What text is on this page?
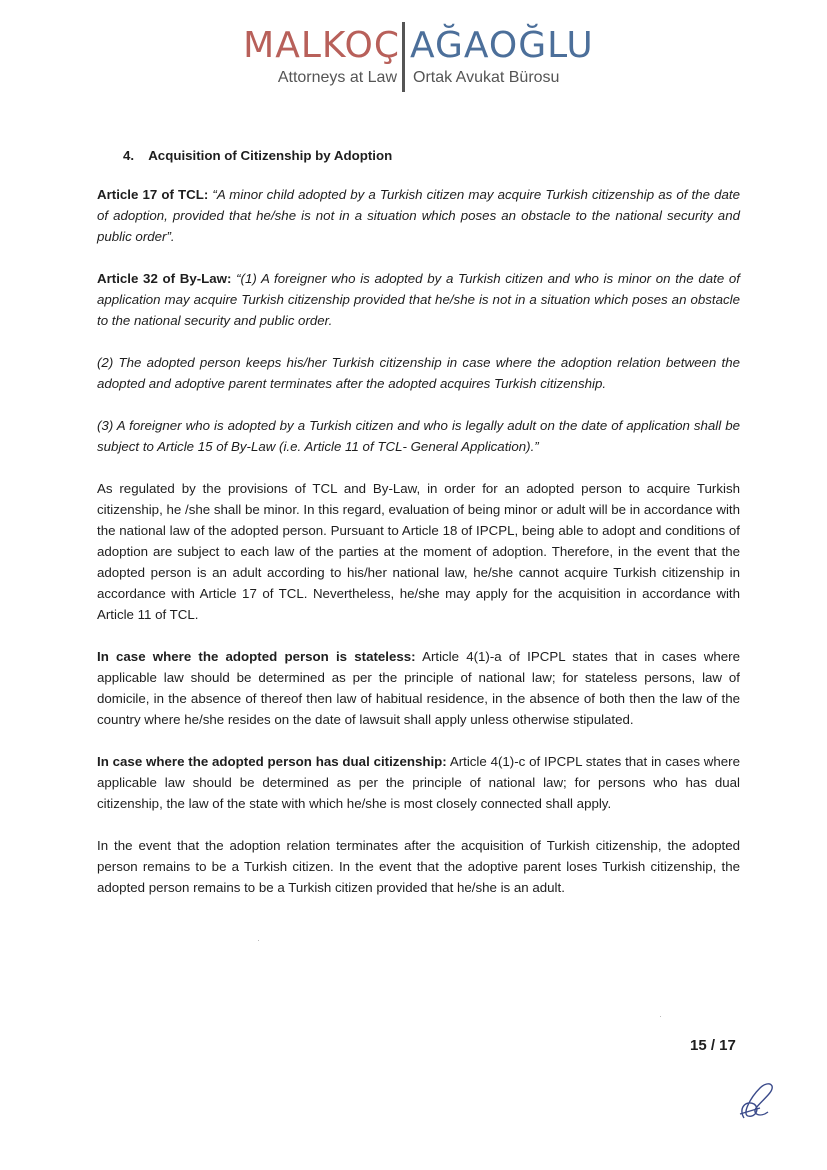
MALKOÇ AĞAOĞLU
Attorneys at Law Ortak Avukat Bürosu
4. Acquisition of Citizenship by Adoption

Article 17 of TCL: “A minor child adopted by a Turkish citizen may acquire Turkish citizenship as of the date of adoption, provided that he/she is not in a situation which poses an obstacle to the national security and public order”.

Article 32 of By-Law: “(1) A foreigner who is adopted by a Turkish citizen and who is minor on the date of application may acquire Turkish citizenship provided that he/she is not in a situation which poses an obstacle to the national security and public order.

(2) The adopted person keeps his/her Turkish citizenship in case where the adoption relation between the adopted and adoptive parent terminates after the adopted acquires Turkish citizenship.

(3) A foreigner who is adopted by a Turkish citizen and who is legally adult on the date of application shall be subject to Article 15 of By-Law (i.e. Article 11 of TCL- General Application).”

As regulated by the provisions of TCL and By-Law, in order for an adopted person to acquire Turkish citizenship, he /she shall be minor. In this regard, evaluation of being minor or adult will be in accordance with the national law of the adopted person. Pursuant to Article 18 of IPCPL, being able to adopt and conditions of adoption are subject to each law of the parties at the moment of adoption. Therefore, in the event that the adopted person is an adult according to his/her national law, he/she cannot acquire Turkish citizenship in accordance with Article 17 of TCL. Nevertheless, he/she may apply for the acquisition in accordance with Article 11 of TCL.

In case where the adopted person is stateless: Article 4(1)-a of IPCPL states that in cases where applicable law should be determined as per the principle of national law; for stateless persons, law of domicile, in the absence of thereof then law of habitual residence, in the absence of both then the law of the country where he/she resides on the date of lawsuit shall apply unless otherwise stipulated.

In case where the adopted person has dual citizenship: Article 4(1)-c of IPCPL states that in cases where applicable law should be determined as per the principle of national law; for persons who has dual citizenship, the law of the state with which he/she is most closely connected shall apply.

In the event that the adoption relation terminates after the acquisition of Turkish citizenship, the adopted person remains to be a Turkish citizen. In the event that the adoptive parent loses Turkish citizenship, the adopted person remains to be a Turkish citizen provided that he/she is an adult.

15 / 17
